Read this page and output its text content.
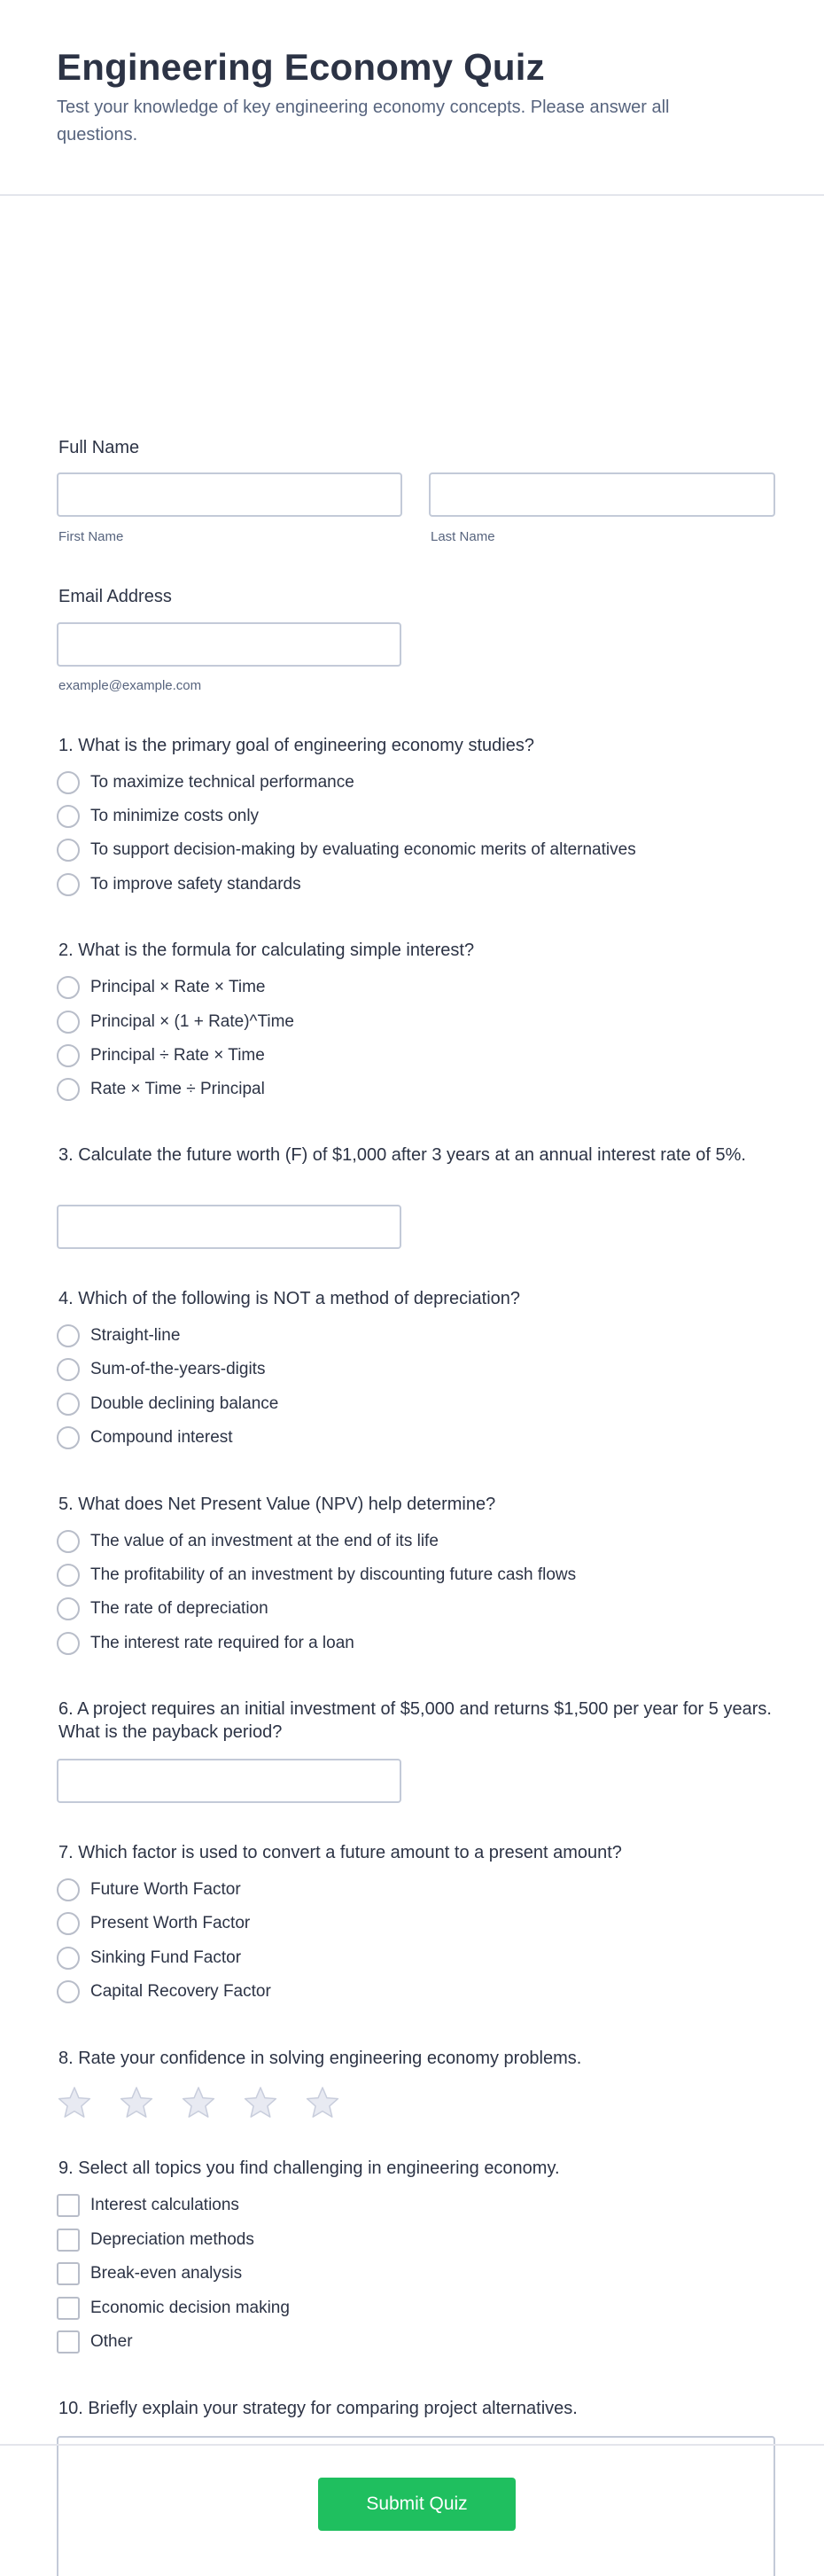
Engineering Economy Quiz

Test your knowledge of key engineering economy concepts. Please answer all questions.

Full Name
First Name	Last Name
Email Address
example@example.com
1. What is the primary goal of engineering economy studies?
To maximize technical performance
To minimize costs only
To support decision-making by evaluating economic merits of alternatives
To improve safety standards
2. What is the formula for calculating simple interest?
Principal × Rate × Time
Principal × (1 + Rate)^Time
Principal ÷ Rate × Time
Rate × Time ÷ Principal
3. Calculate the future worth (F) of $1,000 after 3 years at an annual interest rate of 5%.
4. Which of the following is NOT a method of depreciation?
Straight-line
Sum-of-the-years-digits
Double declining balance
Compound interest
5. What does Net Present Value (NPV) help determine?
The value of an investment at the end of its life
The profitability of an investment by discounting future cash flows
The rate of depreciation
The interest rate required for a loan
6. A project requires an initial investment of $5,000 and returns $1,500 per year for 5 years. What is the payback period?
7. Which factor is used to convert a future amount to a present amount?
Future Worth Factor
Present Worth Factor
Sinking Fund Factor
Capital Recovery Factor
8. Rate your confidence in solving engineering economy problems.
9. Select all topics you find challenging in engineering economy.
Interest calculations
Depreciation methods
Break-even analysis
Economic decision making
Other
10. Briefly explain your strategy for comparing project alternatives.
Submit Quiz
